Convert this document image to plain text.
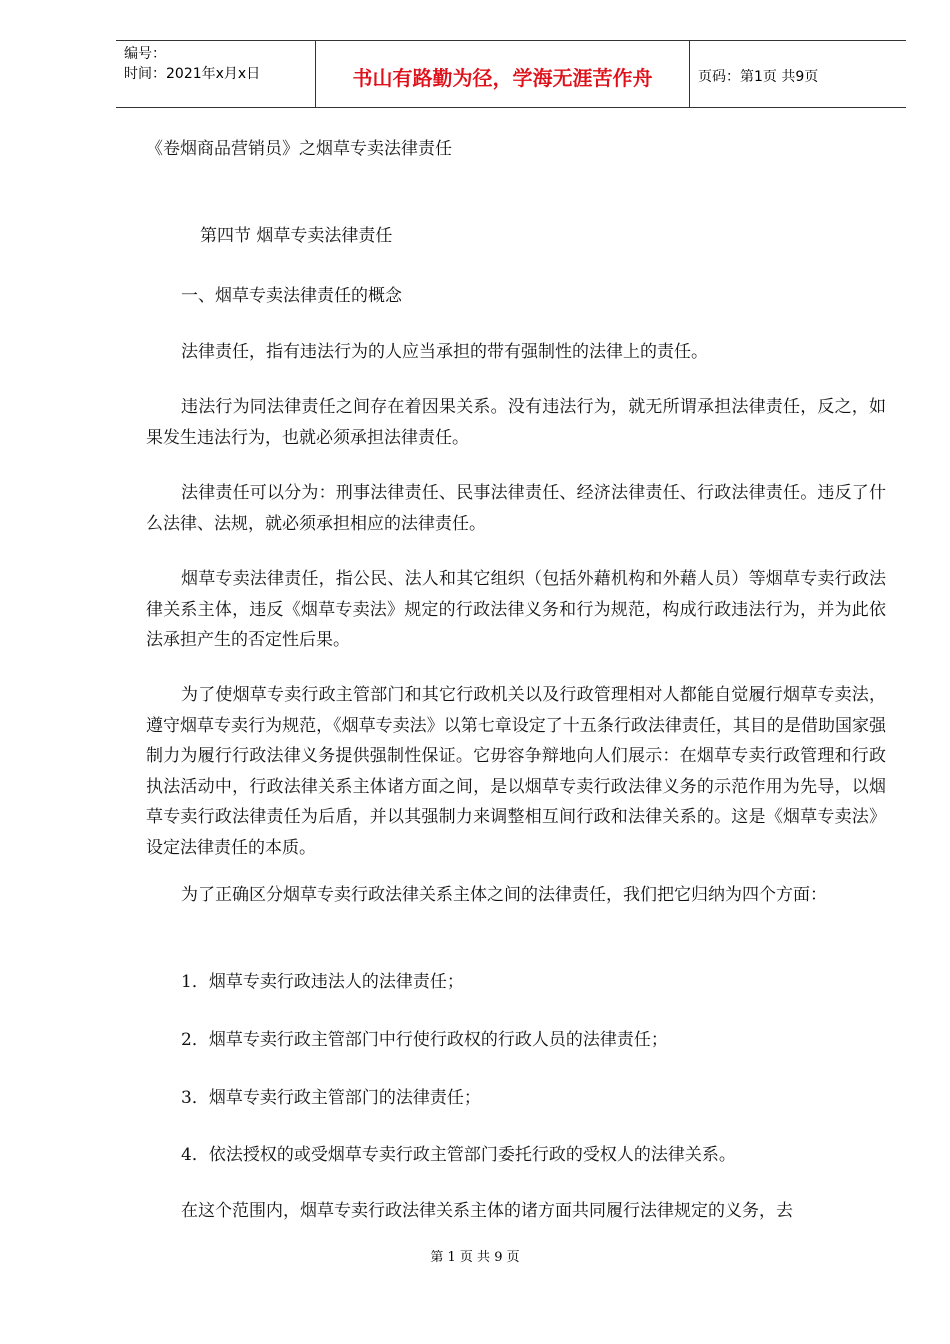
编号：
时间：2021年x月x日	书山有路勤为径，学海无涯苦作舟	页码：第1页 共9页
《卷烟商品营销员》之烟草专卖法律责任
第四节 烟草专卖法律责任
一、烟草专卖法律责任的概念

法律责任，指有违法行为的人应当承担的带有强制性的法律上的责任。

违法行为同法律责任之间存在着因果关系。没有违法行为，就无所谓承担法律责任，反之，如果发生违法行为，也就必须承担法律责任。

法律责任可以分为：刑事法律责任、民事法律责任、经济法律责任、行政法律责任。违反了什么法律、法规，就必须承担相应的法律责任。

烟草专卖法律责任，指公民、法人和其它组织（包括外藉机构和外藉人员）等烟草专卖行政法律关系主体，违反《烟草专卖法》规定的行政法律义务和行为规范，构成行政违法行为，并为此依法承担产生的否定性后果。

为了使烟草专卖行政主管部门和其它行政机关以及行政管理相对人都能自觉履行烟草专卖法，遵守烟草专卖行为规范，《烟草专卖法》以第七章设定了十五条行政法律责任，其目的是借助国家强制力为履行行政法律义务提供强制性保证。它毋容争辩地向人们展示：在烟草专卖行政管理和行政执法活动中，行政法律关系主体诸方面之间，是以烟草专卖行政法律义务的示范作用为先导，以烟草专卖行政法律责任为后盾，并以其强制力来调整相互间行政和法律关系的。这是《烟草专卖法》设定法律责任的本质。

为了正确区分烟草专卖行政法律关系主体之间的法律责任，我们把它归纳为四个方面：

1．烟草专卖行政违法人的法律责任；
2．烟草专卖行政主管部门中行使行政权的行政人员的法律责任；
3．烟草专卖行政主管部门的法律责任；
4．依法授权的或受烟草专卖行政主管部门委托行政的受权人的法律关系。

在这个范围内，烟草专卖行政法律关系主体的诸方面共同履行法律规定的义务，去

第 1 页 共 9 页
